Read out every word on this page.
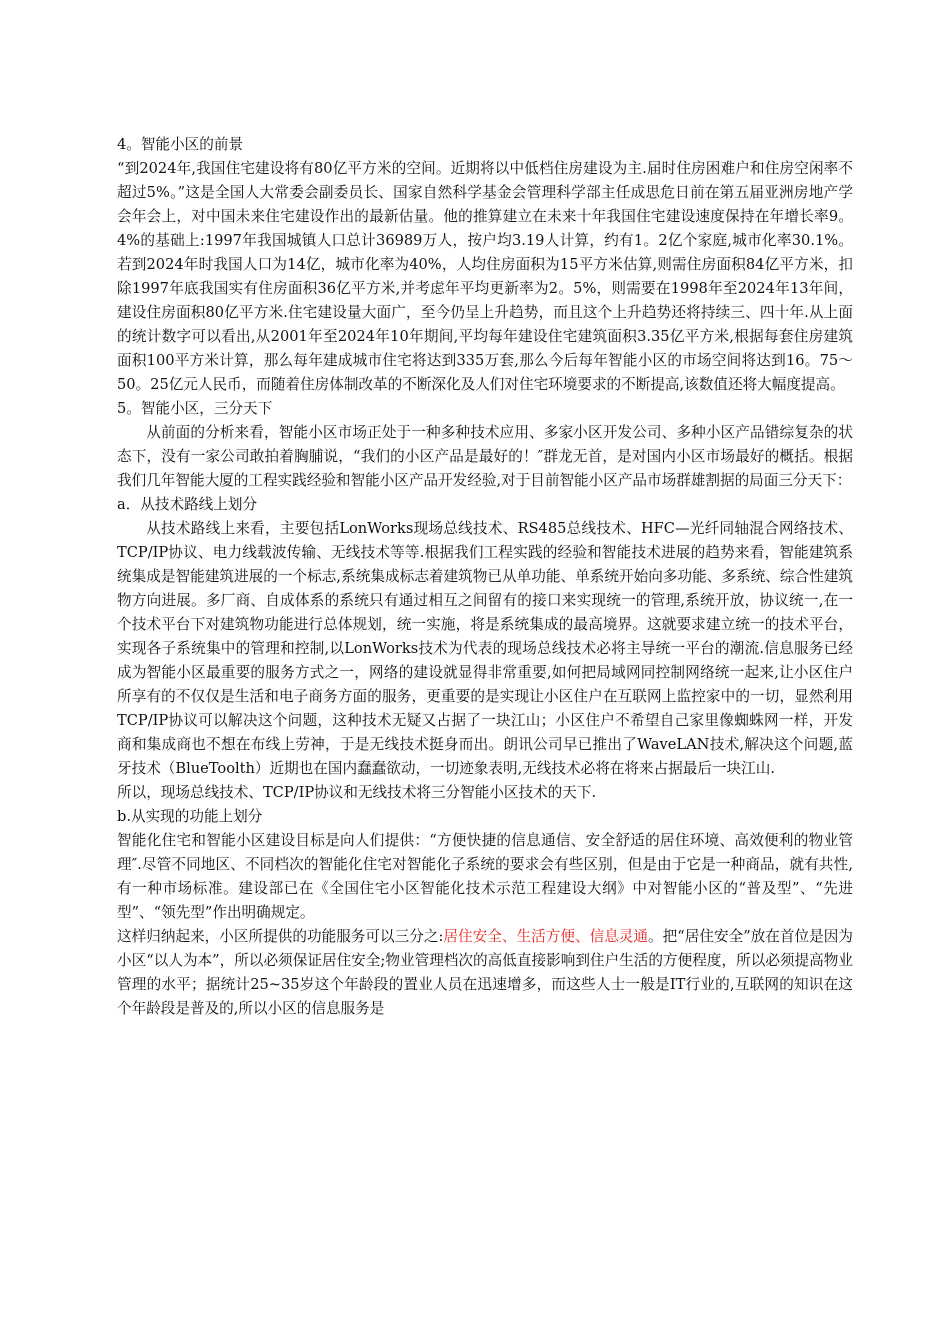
4。智能小区的前景

“到2024年,我国住宅建设将有80亿平方米的空间。近期将以中低档住房建设为主.届时住房困难户和住房空闲率不超过5%。”这是全国人大常委会副委员长、国家自然科学基金会管理科学部主任成思危日前在第五届亚洲房地产学会年会上，对中国未来住宅建设作出的最新估量。他的推算建立在未来十年我国住宅建设速度保持在年增长率9。4%的基础上:1997年我国城镇人口总计36989万人，按户均3.19人计算，约有1。2亿个家庭,城市化率30.1%。若到2024年时我国人口为14亿，城市化率为40%，人均住房面积为15平方米估算,则需住房面积84亿平方米，扣除1997年底我国实有住房面积36亿平方米,并考虑年平均更新率为2。5%，则需要在1998年至2024年13年间，建设住房面积80亿平方米.住宅建设量大面广，至今仍呈上升趋势，而且这个上升趋势还将持续三、四十年.从上面的统计数字可以看出,从2001年至2024年10年期间,平均每年建设住宅建筑面积3.35亿平方米,根据每套住房建筑面积100平方米计算，那么每年建成城市住宅将达到335万套,那么今后每年智能小区的市场空间将达到16。75～50。25亿元人民币，而随着住房体制改革的不断深化及人们对住宅环境要求的不断提高,该数值还将大幅度提高。

5。智能小区，三分天下

从前面的分析来看，智能小区市场正处于一种多种技术应用、多家小区开发公司、多种小区产品错综复杂的状态下，没有一家公司敢拍着胸脯说，“我们的小区产品是最好的！″群龙无首，是对国内小区市场最好的概括。根据我们几年智能大厦的工程实践经验和智能小区产品开发经验,对于目前智能小区产品市场群雄割据的局面三分天下：

a．从技术路线上划分

从技术路线上来看，主要包括LonWorks现场总线技术、RS485总线技术、HFC—光纤同轴混合网络技术、TCP/IP协议、电力线载波传输、无线技术等等.根据我们工程实践的经验和智能技术进展的趋势来看，智能建筑系统集成是智能建筑进展的一个标志,系统集成标志着建筑物已从单功能、单系统开始向多功能、多系统、综合性建筑物方向进展。多厂商、自成体系的系统只有通过相互之间留有的接口来实现统一的管理,系统开放，协议统一,在一个技术平台下对建筑物功能进行总体规划，统一实施，将是系统集成的最高境界。这就要求建立统一的技术平台，实现各子系统集中的管理和控制,以LonWorks技术为代表的现场总线技术必将主导统一平台的潮流.信息服务已经成为智能小区最重要的服务方式之一，网络的建设就显得非常重要,如何把局域网同控制网络统一起来,让小区住户所享有的不仅仅是生活和电子商务方面的服务，更重要的是实现让小区住户在互联网上监控家中的一切，显然利用TCP/IP协议可以解决这个问题，这种技术无疑又占据了一块江山；小区住户不希望自己家里像蜘蛛网一样，开发商和集成商也不想在布线上劳神，于是无线技术挺身而出。朗讯公司早已推出了WaveLAN技术,解决这个问题,蓝牙技术（BlueToolth）近期也在国内蠢蠢欲动，一切迹象表明,无线技术必将在将来占据最后一块江山.

所以，现场总线技术、TCP/IP协议和无线技术将三分智能小区技术的天下.

b.从实现的功能上划分

智能化住宅和智能小区建设目标是向人们提供：“方便快捷的信息通信、安全舒适的居住环境、高效便利的物业管理″.尽管不同地区、不同档次的智能化住宅对智能化子系统的要求会有些区别，但是由于它是一种商品，就有共性,有一种市场标准。建设部已在《全国住宅小区智能化技术示范工程建设大纲》中对智能小区的“普及型”、“先进型”、“领先型”作出明确规定。

这样归纳起来，小区所提供的功能服务可以三分之:居住安全、生活方便、信息灵通。把“居住安全”放在首位是因为小区“以人为本”，所以必须保证居住安全;物业管理档次的高低直接影响到住户生活的方便程度，所以必须提高物业管理的水平；据统计25~35岁这个年龄段的置业人员在迅速增多，而这些人士一般是IT行业的,互联网的知识在这个年龄段是普及的,所以小区的信息服务是
